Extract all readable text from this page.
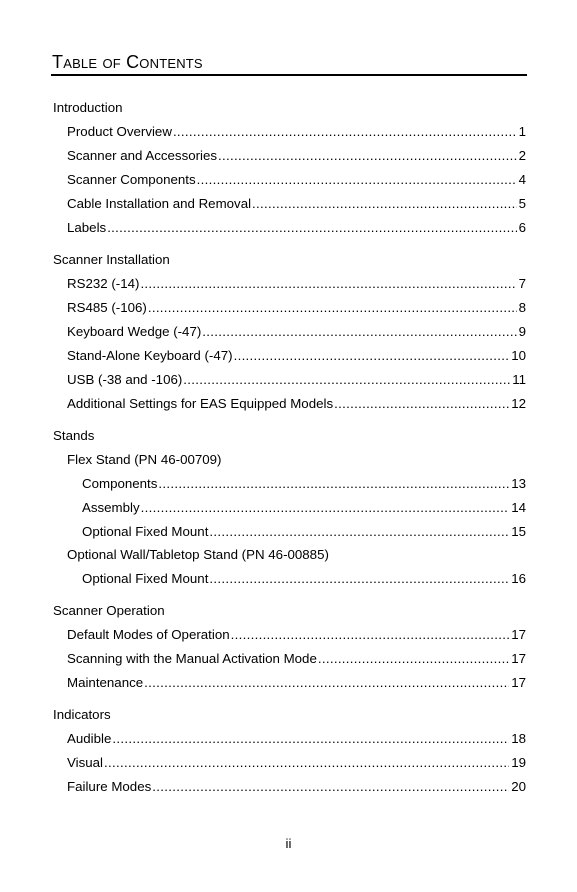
Table of Contents
Introduction
Product Overview .....	1
Scanner and Accessories .....	2
Scanner Components .....	4
Cable Installation and Removal .....	5
Labels .....	6
Scanner Installation
RS232 (-14) .....	7
RS485 (-106) .....	8
Keyboard Wedge (-47) .....	9
Stand-Alone Keyboard (-47) .....	10
USB (-38 and -106) .....	11
Additional Settings for EAS Equipped Models .....	12
Stands
Flex Stand (PN 46-00709)
Components .....	13
Assembly .....	14
Optional Fixed Mount .....	15
Optional Wall/Tabletop Stand (PN 46-00885)
Optional Fixed Mount .....	16
Scanner Operation
Default Modes of Operation .....	17
Scanning with the Manual Activation Mode .....	17
Maintenance .....	17
Indicators
Audible .....	18
Visual .....	19
Failure Modes .....	20
ii
